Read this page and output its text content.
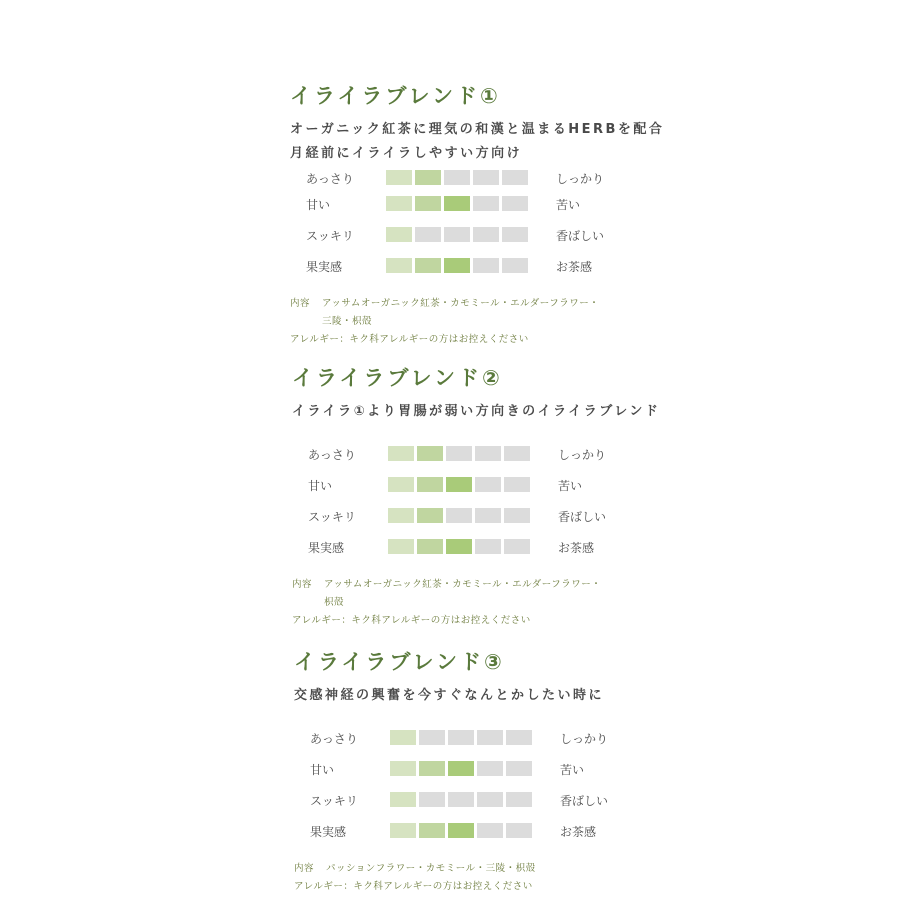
イライラブレンド①
オーガニック紅茶に理気の和漢と温まるHERBを配合
月経前にイライラしやすい方向け
あっさり	しっかり
甘い	苦い
スッキリ	香ばしい
果実感	お茶感
内容 アッサムオーガニック紅茶・カモミール・エルダーフラワー・
三陵・枳殻
アレルギー：キク科アレルギーの方はお控えください
イライラブレンド②
イライラ①より胃腸が弱い方向きのイライラブレンド
あっさり	しっかり
甘い	苦い
スッキリ	香ばしい
果実感	お茶感
内容 アッサムオーガニック紅茶・カモミール・エルダーフラワー・
枳殻
アレルギー：キク科アレルギーの方はお控えください
イライラブレンド③
交感神経の興奮を今すぐなんとかしたい時に
あっさり	しっかり
甘い	苦い
スッキリ	香ばしい
果実感	お茶感
内容 パッションフラワー・カモミール・三陵・枳殻
アレルギー：キク科アレルギーの方はお控えください
